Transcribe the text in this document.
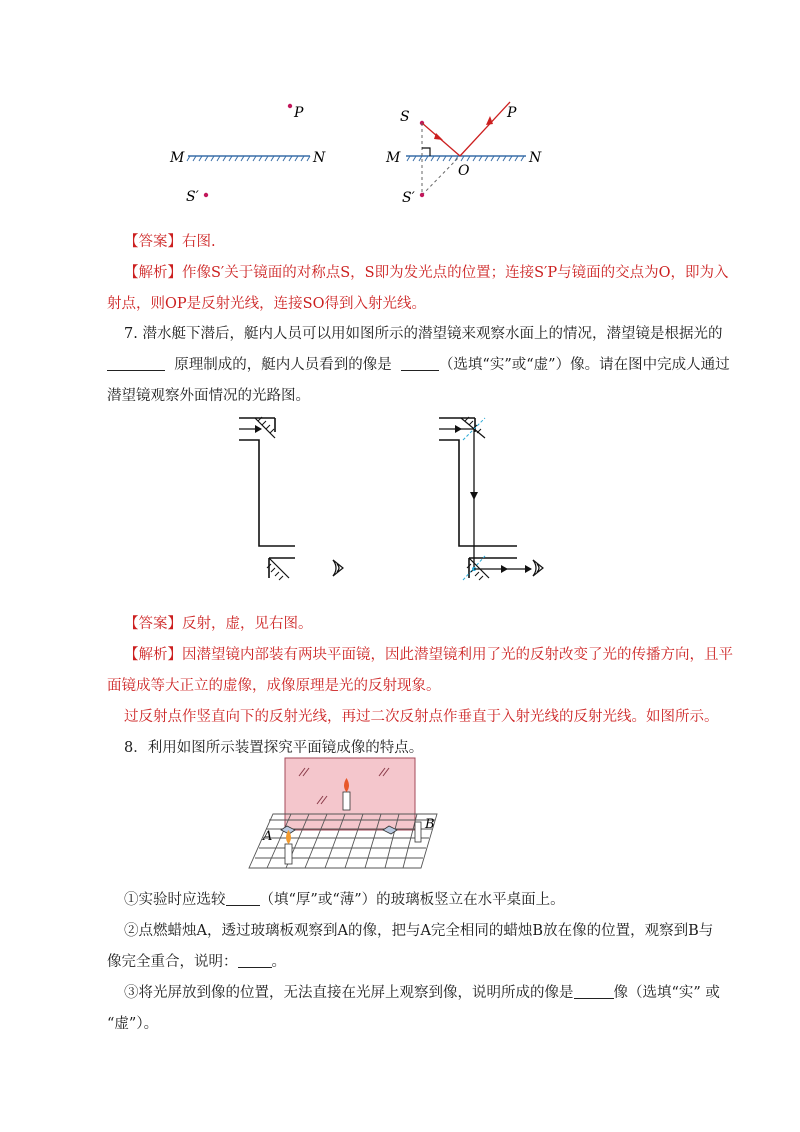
P
M	N
S′
S
M	N
P
O
S′
【答案】右图.
【解析】作像S′关于镜面的对称点S，S即为发光点的位置；连接S′P与镜面的交点为O，即为入
射点，则OP是反射光线，连接SO得到入射光线。
7. 潜水艇下潜后，艇内人员可以用如图所示的潜望镜来观察水面上的情况，潜望镜是根据光的
原理制成的，艇内人员看到的像是	（选填“实”或“虚”）像。请在图中完成人通过
潜望镜观察外面情况的光路图。
【答案】反射，虚，见右图。
【解析】因潜望镜内部装有两块平面镜，因此潜望镜利用了光的反射改变了光的传播方向，且平
面镜成等大正立的虚像，成像原理是光的反射现象。
过反射点作竖直向下的反射光线，再过二次反射点作垂直于入射光线的反射光线。如图所示。
8．利用如图所示装置探究平面镜成像的特点。
A
B
①实验时应选较 （填“厚”或“薄”）的玻璃板竖立在水平桌面上。
②点燃蜡烛A，透过玻璃板观察到A的像，把与A完全相同的蜡烛B放在像的位置，观察到B与
像完全重合，说明： 。
③将光屏放到像的位置，无法直接在光屏上观察到像，说明所成的像是	像（选填“实” 或
“虚”）。
